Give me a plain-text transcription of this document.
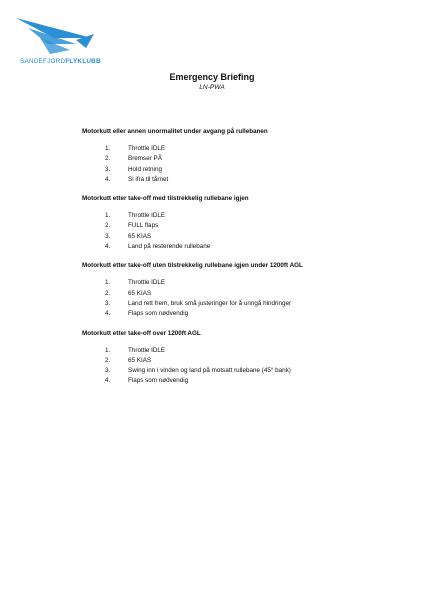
SANDEFJORDFLYKLUBB
Emergency Briefing
LN-PWA
Motorkutt eller annen unormalitet under avgang på rullebanen
1.	Throttle IDLE
2.	Bremser PÅ
3.	Hold retning
4.	Si ifra til tårnet
Motorkutt etter take-off med tilstrekkelig rullebane igjen
1.	Throttle IDLE
2.	FULL flaps
3.	65 KIAS
4.	Land på resterende rullebane
Motorkutt etter take-off uten tilstrekkelig rullebane igjen under 1200ft AGL
1.	Throttle IDLE
2.	65 KIAS
3.	Land rett frem, bruk små justeringer for å unngå hindringer
4.	Flaps som nødvendig
Motorkutt etter take-off over 1200ft AGL
1.	Throttle IDLE
2.	65 KIAS
3.	Swing inn i vinden og land på motsatt rullebane (45° bank)
4.	Flaps som nødvendig
